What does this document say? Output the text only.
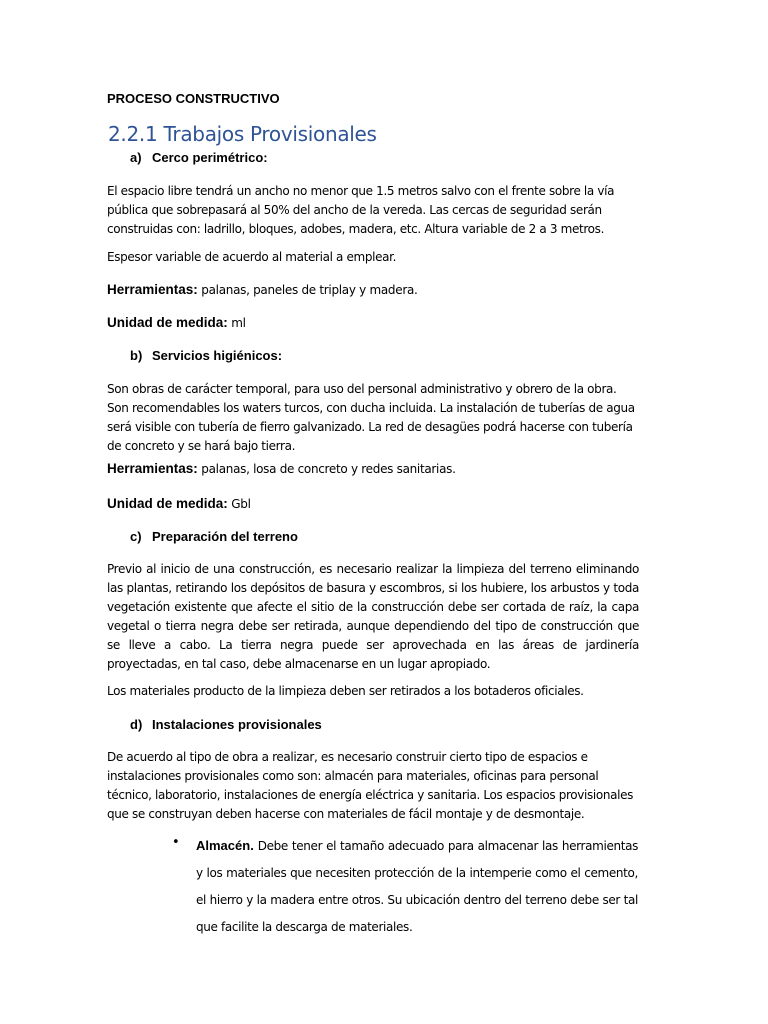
PROCESO CONSTRUCTIVO
2.2.1 Trabajos Provisionales
a) Cerco perimétrico:

El espacio libre tendrá un ancho no menor que 1.5 metros salvo con el frente sobre la vía pública que sobrepasará al 50% del ancho de la vereda. Las cercas de seguridad serán construidas con: ladrillo, bloques, adobes, madera, etc. Altura variable de 2 a 3 metros.

Espesor variable de acuerdo al material a emplear.

Herramientas: palanas, paneles de triplay y madera.
Unidad de medida: ml
b) Servicios higiénicos:

Son obras de carácter temporal, para uso del personal administrativo y obrero de la obra. Son recomendables los waters turcos, con ducha incluida. La instalación de tuberías de agua será visible con tubería de fierro galvanizado. La red de desagües podrá hacerse con tubería de concreto y se hará bajo tierra.

Herramientas: palanas, losa de concreto y redes sanitarias.
Unidad de medida: Gbl
c) Preparación del terreno

Previo al inicio de una construcción, es necesario realizar la limpieza del terreno eliminando las plantas, retirando los depósitos de basura y escombros, si los hubiere, los arbustos y toda vegetación existente que afecte el sitio de la construcción debe ser cortada de raíz, la capa vegetal o tierra negra debe ser retirada, aunque dependiendo del tipo de construcción que se lleve a cabo. La tierra negra puede ser aprovechada en las áreas de jardinería proyectadas, en tal caso, debe almacenarse en un lugar apropiado.

Los materiales producto de la limpieza deben ser retirados a los botaderos oficiales.

d) Instalaciones provisionales

De acuerdo al tipo de obra a realizar, es necesario construir cierto tipo de espacios e instalaciones provisionales como son: almacén para materiales, oficinas para personal técnico, laboratorio, instalaciones de energía eléctrica y sanitaria. Los espacios provisionales que se construyan deben hacerse con materiales de fácil montaje y de desmontaje.

• Almacén. Debe tener el tamaño adecuado para almacenar las herramientas y los materiales que necesiten protección de la intemperie como el cemento, el hierro y la madera entre otros. Su ubicación dentro del terreno debe ser tal que facilite la descarga de materiales.
